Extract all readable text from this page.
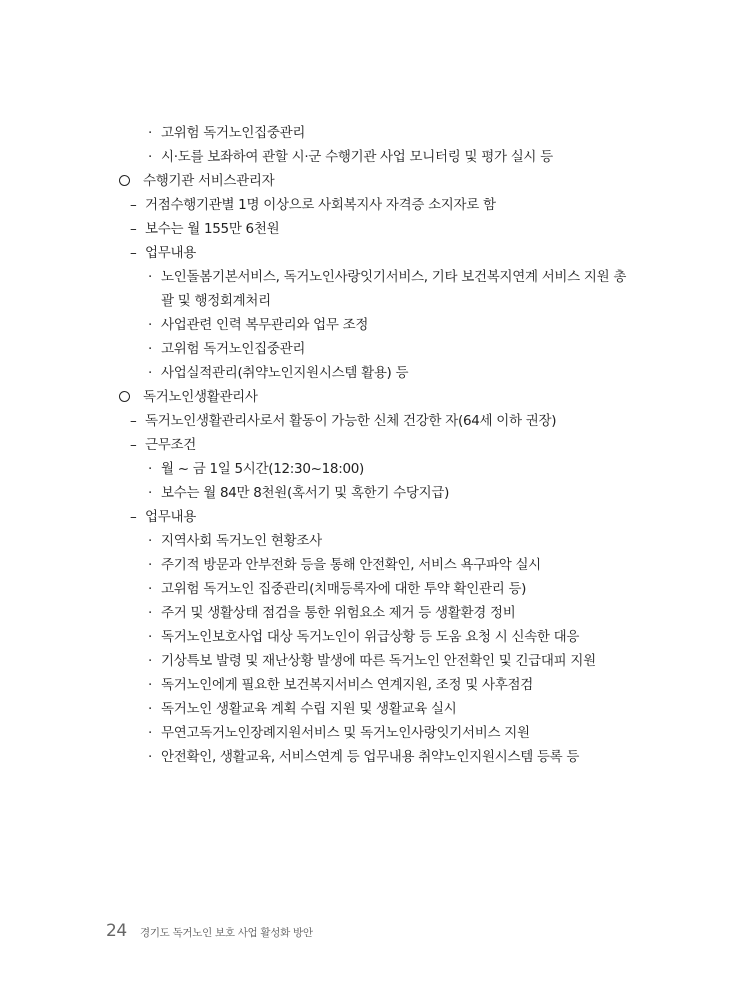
· 고위험 독거노인집중관리
· 시·도를 보좌하여 관할 시·군 수행기관 사업 모니터링 및 평가 실시 등
수행기관 서비스관리자
– 거점수행기관별 1명 이상으로 사회복지사 자격증 소지자로 함
– 보수는 월 155만 6천원
– 업무내용
· 노인돌봄기본서비스, 독거노인사랑잇기서비스, 기타 보건복지연계 서비스 지원 총
괄 및 행정회계처리
· 사업관련 인력 복무관리와 업무 조정
· 고위험 독거노인집중관리
· 사업실적관리(취약노인지원시스템 활용) 등
독거노인생활관리사
– 독거노인생활관리사로서 활동이 가능한 신체 건강한 자(64세 이하 권장)
– 근무조건
· 월 ~ 금 1일 5시간(12:30~18:00)
· 보수는 월 84만 8천원(혹서기 및 혹한기 수당지급)
– 업무내용
· 지역사회 독거노인 현황조사
· 주기적 방문과 안부전화 등을 통해 안전확인, 서비스 욕구파악 실시
· 고위험 독거노인 집중관리(치매등록자에 대한 투약 확인관리 등)
· 주거 및 생활상태 점검을 통한 위험요소 제거 등 생활환경 정비
· 독거노인보호사업 대상 독거노인이 위급상황 등 도움 요청 시 신속한 대응
· 기상특보 발령 및 재난상황 발생에 따른 독거노인 안전확인 및 긴급대피 지원
· 독거노인에게 필요한 보건복지서비스 연계지원, 조정 및 사후점검
· 독거노인 생활교육 계획 수립 지원 및 생활교육 실시
· 무연고독거노인장례지원서비스 및 독거노인사랑잇기서비스 지원
· 안전확인, 생활교육, 서비스연계 등 업무내용 취약노인지원시스템 등록 등
24 경기도 독거노인 보호 사업 활성화 방안
